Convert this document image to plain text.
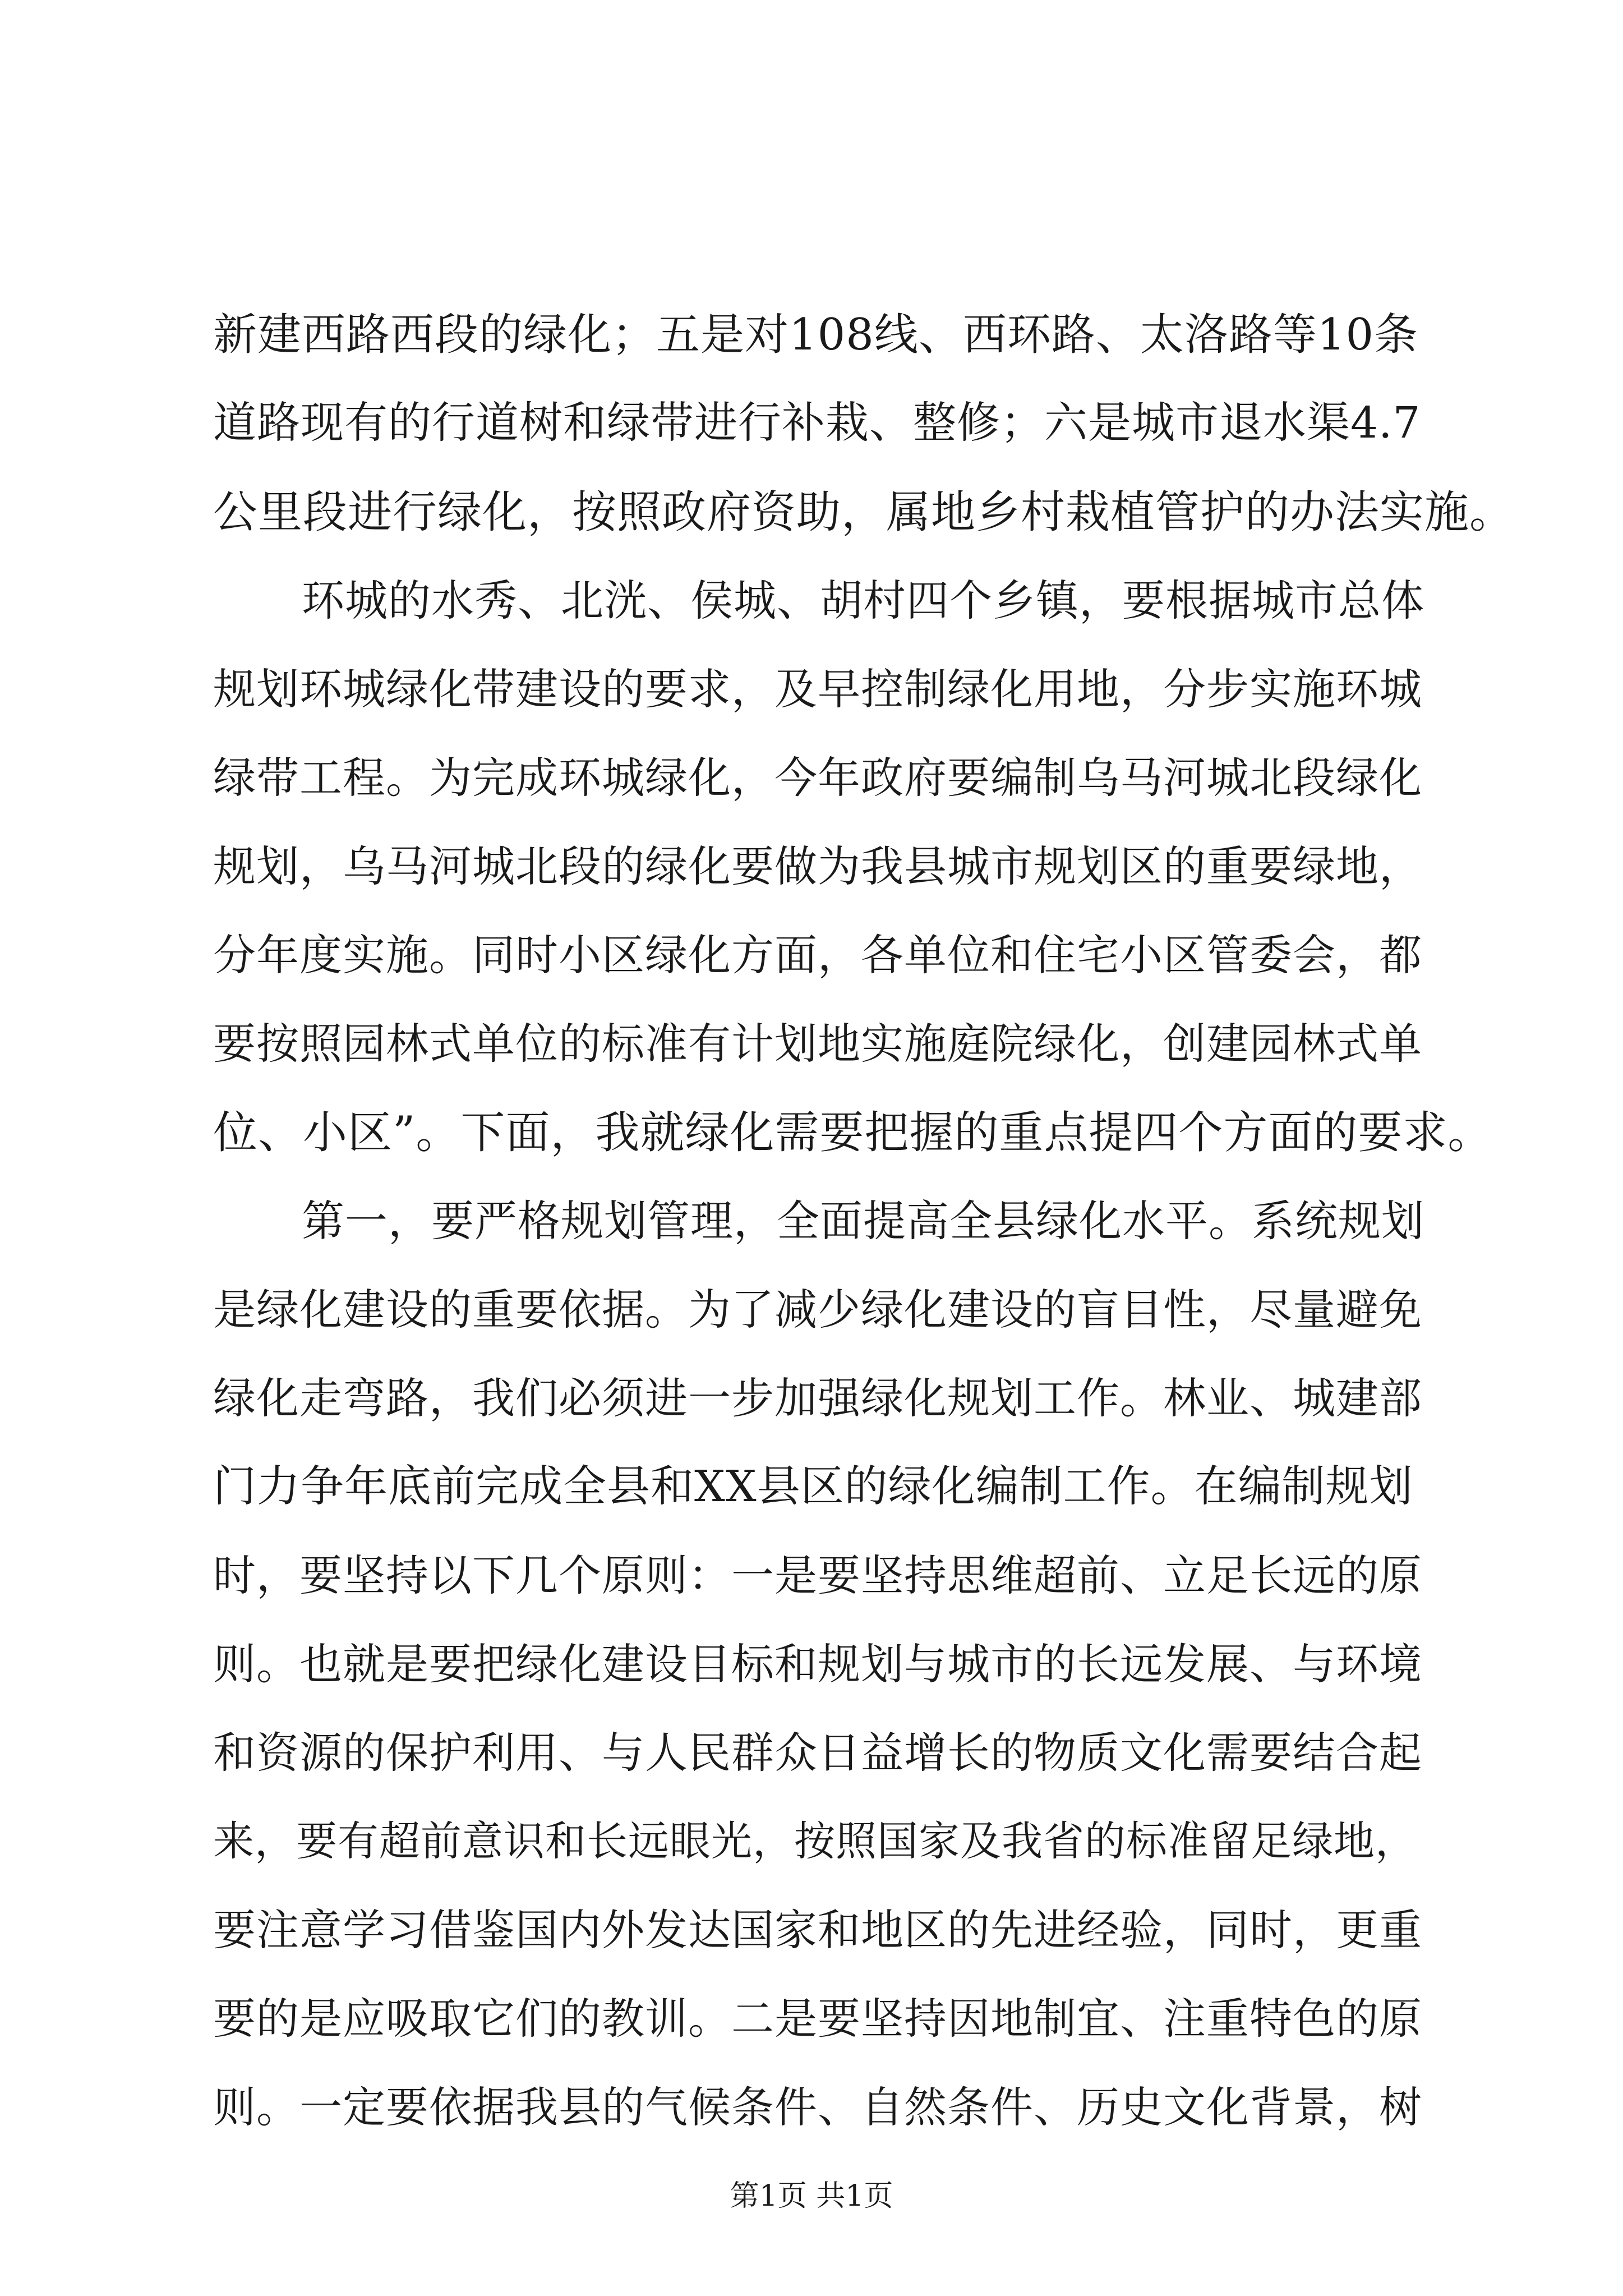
新建西路西段的绿化；五是对108线、西环路、太洛路等10条
道路现有的行道树和绿带进行补栽、整修；六是城市退水渠4.7
公里段进行绿化，按照政府资助，属地乡村栽植管护的办法实施。
环城的水秀、北洸、侯城、胡村四个乡镇，要根据城市总体
规划环城绿化带建设的要求，及早控制绿化用地，分步实施环城
绿带工程。为完成环城绿化，今年政府要编制乌马河城北段绿化
规划，乌马河城北段的绿化要做为我县城市规划区的重要绿地，
分年度实施。同时小区绿化方面，各单位和住宅小区管委会，都
要按照园林式单位的标准有计划地实施庭院绿化，创建园林式单
位、小区”。下面，我就绿化需要把握的重点提四个方面的要求。
第一，要严格规划管理，全面提高全县绿化水平。系统规划
是绿化建设的重要依据。为了减少绿化建设的盲目性，尽量避免
绿化走弯路，我们必须进一步加强绿化规划工作。林业、城建部
门力争年底前完成全县和XX县区的绿化编制工作。在编制规划
时，要坚持以下几个原则：一是要坚持思维超前、立足长远的原
则。也就是要把绿化建设目标和规划与城市的长远发展、与环境
和资源的保护利用、与人民群众日益增长的物质文化需要结合起
来，要有超前意识和长远眼光，按照国家及我省的标准留足绿地，
要注意学习借鉴国内外发达国家和地区的先进经验，同时，更重
要的是应吸取它们的教训。二是要坚持因地制宜、注重特色的原
则。一定要依据我县的气候条件、自然条件、历史文化背景，树
第1页 共1页
